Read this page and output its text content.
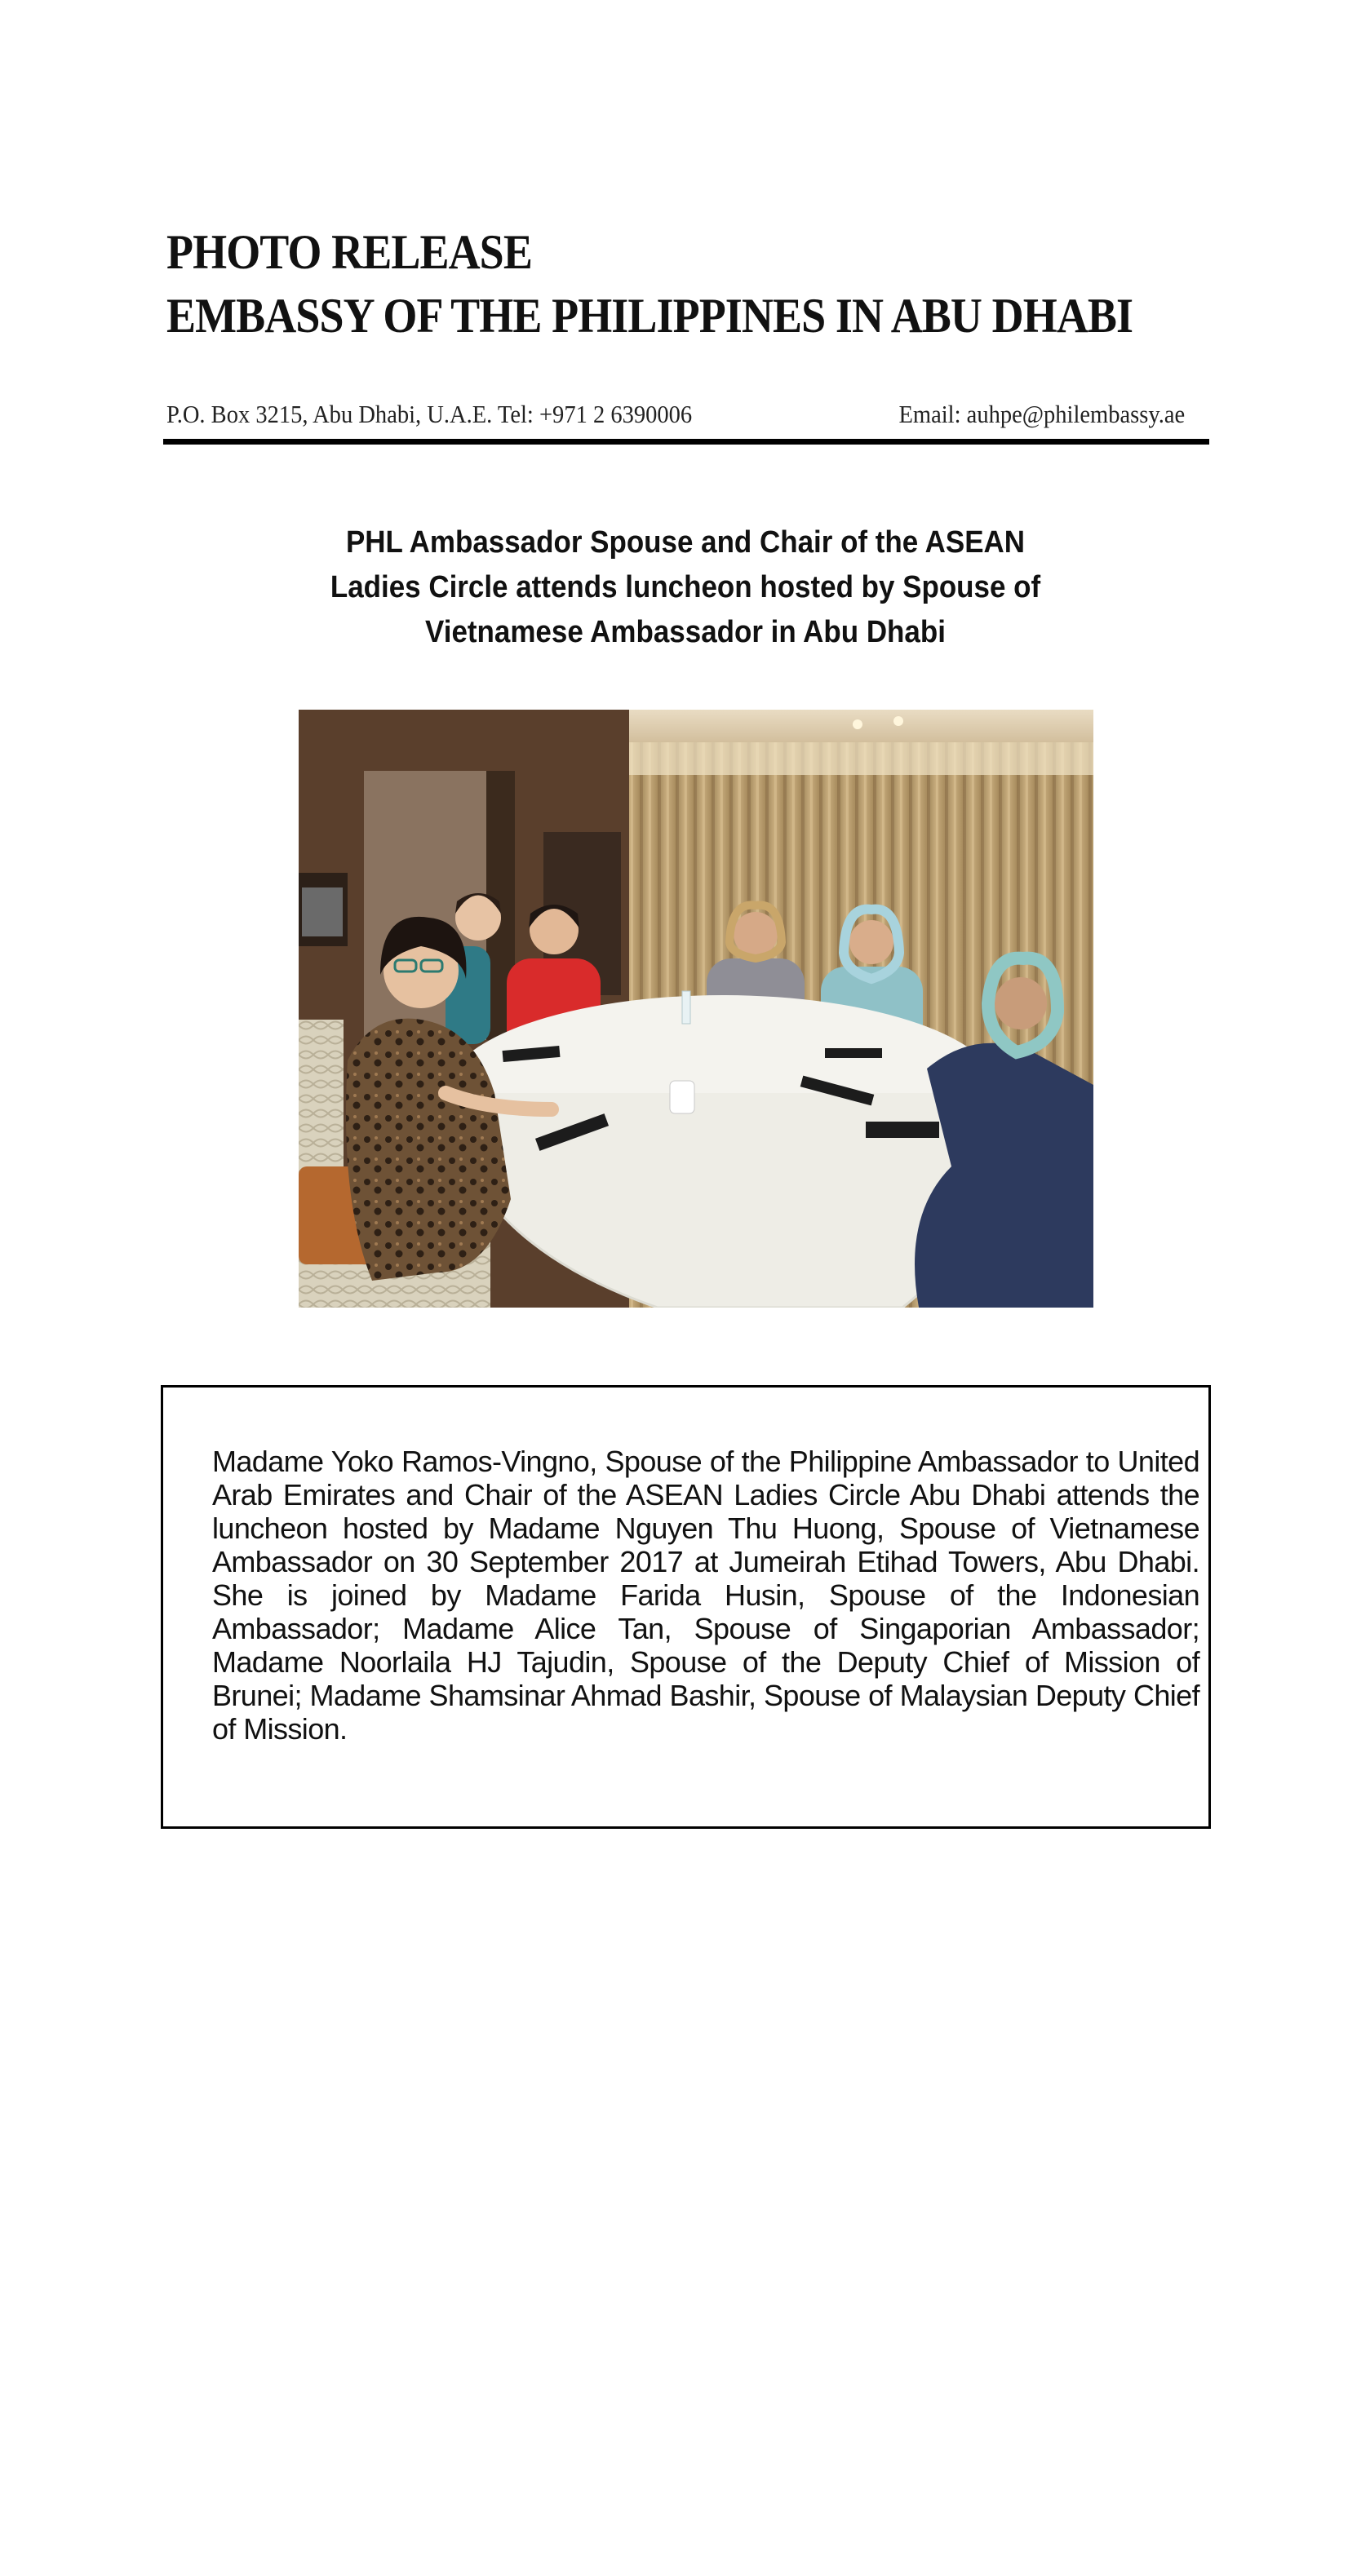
PHOTO RELEASE
EMBASSY OF THE PHILIPPINES IN ABU DHABI
P.O. Box 3215, Abu Dhabi, U.A.E. Tel: +971 2 6390006	Email: auhpe@philembassy.ae
PHL Ambassador Spouse and Chair of the ASEAN
Ladies Circle attends luncheon hosted by Spouse of
Vietnamese Ambassador in Abu Dhabi
Madame Yoko Ramos-Vingno, Spouse of the Philippine Ambassador to United Arab Emirates and Chair of the ASEAN Ladies Circle Abu Dhabi attends the luncheon hosted by Madame Nguyen Thu Huong, Spouse of Vietnamese Ambassador on 30 September 2017 at Jumeirah Etihad Towers, Abu Dhabi. She is joined by Madame Farida Husin, Spouse of the Indonesian Ambassador; Madame Alice Tan, Spouse of Singaporian Ambassador; Madame Noorlaila HJ Tajudin, Spouse of the Deputy Chief of Mission of Brunei; Madame Shamsinar Ahmad Bashir, Spouse of Malaysian Deputy Chief of Mission.
